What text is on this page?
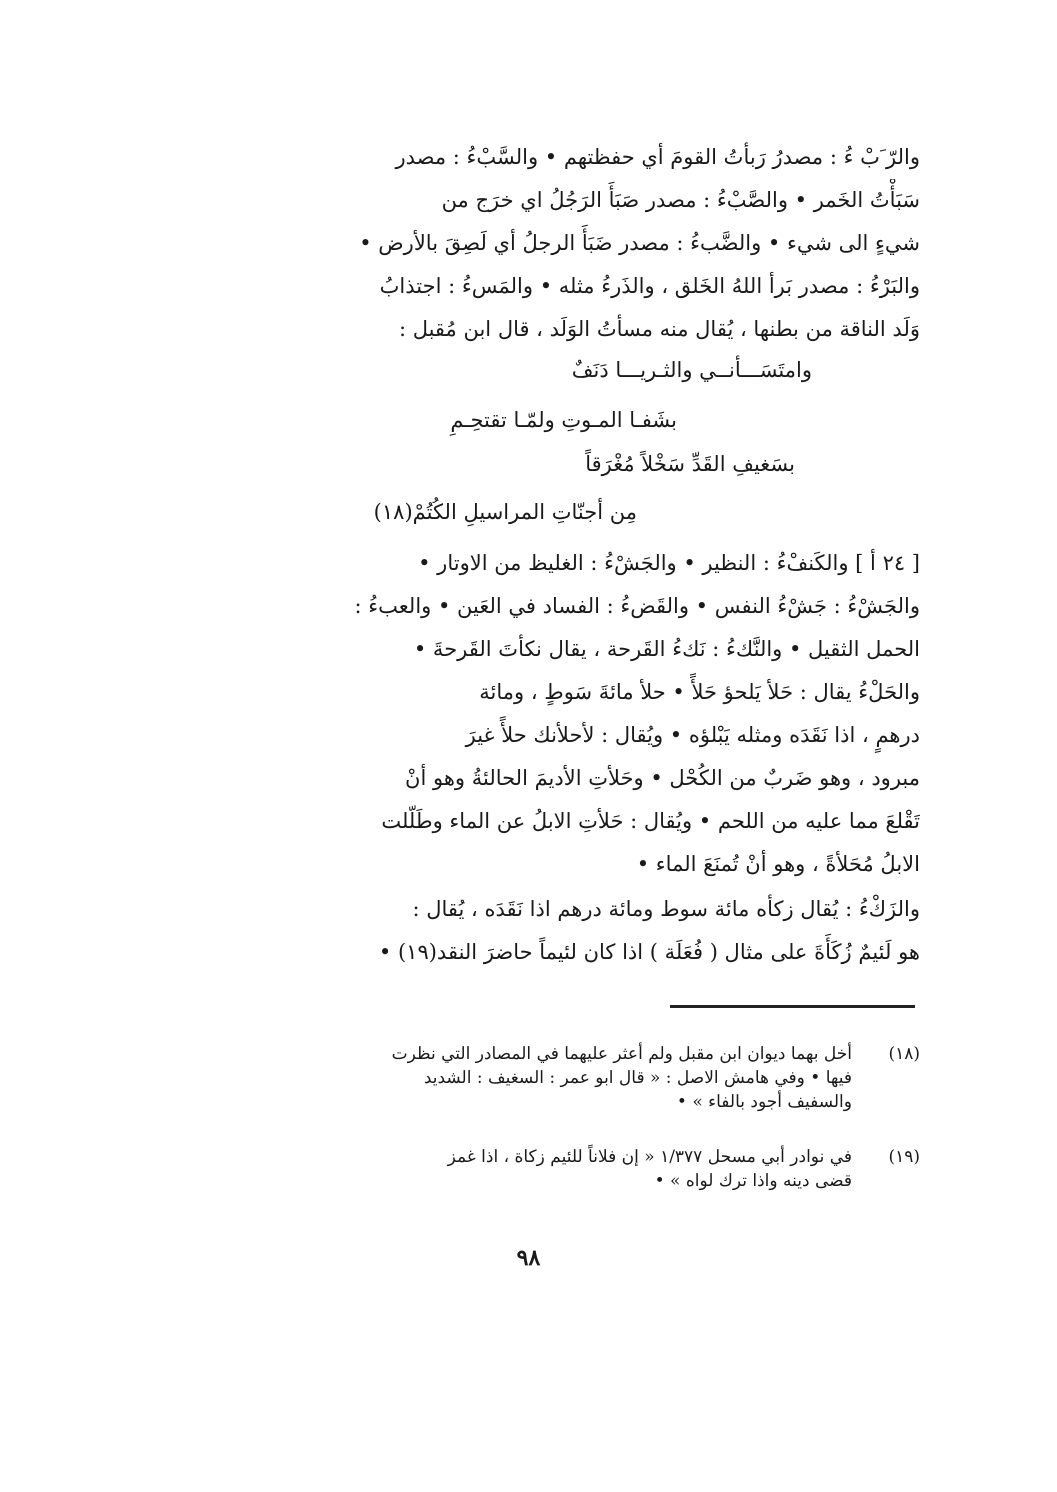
والرّ َبْ ءُ : مصدرُ رَبأتُ القومَ أي حفظتهم • والسَّبْءُ : مصدر
سَبَأْتُ الخَمر • والصَّبْءُ : مصدر صَبَأَ الرَجُلُ اي خرَج من
شيءٍ الى شيء • والضَّبءُ : مصدر ضَبَأَ الرجلُ أي لَصِقَ بالأرض •
والبَرْءُ : مصدر بَرأ اللهُ الخَلق ، والذَرءُ مثله • والمَسءُ : اجتذابُ
وَلَد الناقة من بطنها ، يُقال منه مسأتُ الوَلَد ، قال ابن مُقبل :
وامتَسَـــأنــي والثـريـــا دَنَفٌ
بشَفـا المـوتِ ولمّـا تقتحِـمِ
بسَغيفِ القَدِّ سَخْلاً مُغْرَقاً
مِن أجنّاتِ المراسيلِ الكُتُمْ(١٨)
[ ٢٤ أ ] والكَنفْءُ : النظير • والجَشْءُ : الغليظ من الاوتار •
والجَشْءُ : جَشْءُ النفس • والقَضءُ : الفساد في العَين • والعبءُ :
الحمل الثقيل • والنَّكءُ : نَكءُ القَرحة ، يقال نكأتَ القَرحةَ •
والحَلْءُ يقال : حَلأ يَلحؤ حَلأً • حلأ مائةَ سَوطٍ ، ومائة
درهمٍ ، اذا نَقَدَه ومثله يَبْلؤه • ويُقال : لأحلأنك حلأً غيرَ
مبرود ، وهو ضَربٌ من الكُحْل • وحَلأتِ الأديمَ الحالئةُ وهو أنْ
تَقْلعَ مما عليه من اللحم • ويُقال : حَلأتِ الابلُ عن الماء وطَلّلت
الابلُ مُحَلأةً ، وهو أنْ تُمنَعَ الماء •
والزَكْءُ : يُقال زكأه مائة سوط ومائة درهم اذا نَقَدَه ، يُقال :
هو لَئيمٌ زُكَأَةَ على مثال ( فُعَلَة ) اذا كان لئيماً حاضرَ النقد(١٩) •
(١٨)
أخل بهما ديوان ابن مقبل ولم أعثر عليهما في المصادر التي نظرت
فيها • وفي هامش الاصل : « قال ابو عمر : السغيف : الشديد
والسفيف أجود بالفاء » •
(١٩)
في نوادر أبي مسحل ١/٣٧٧ « إن فلاناً للئيم زكاة ، اذا غمز
قضى دينه واذا ترك لواه » •
٩٨
